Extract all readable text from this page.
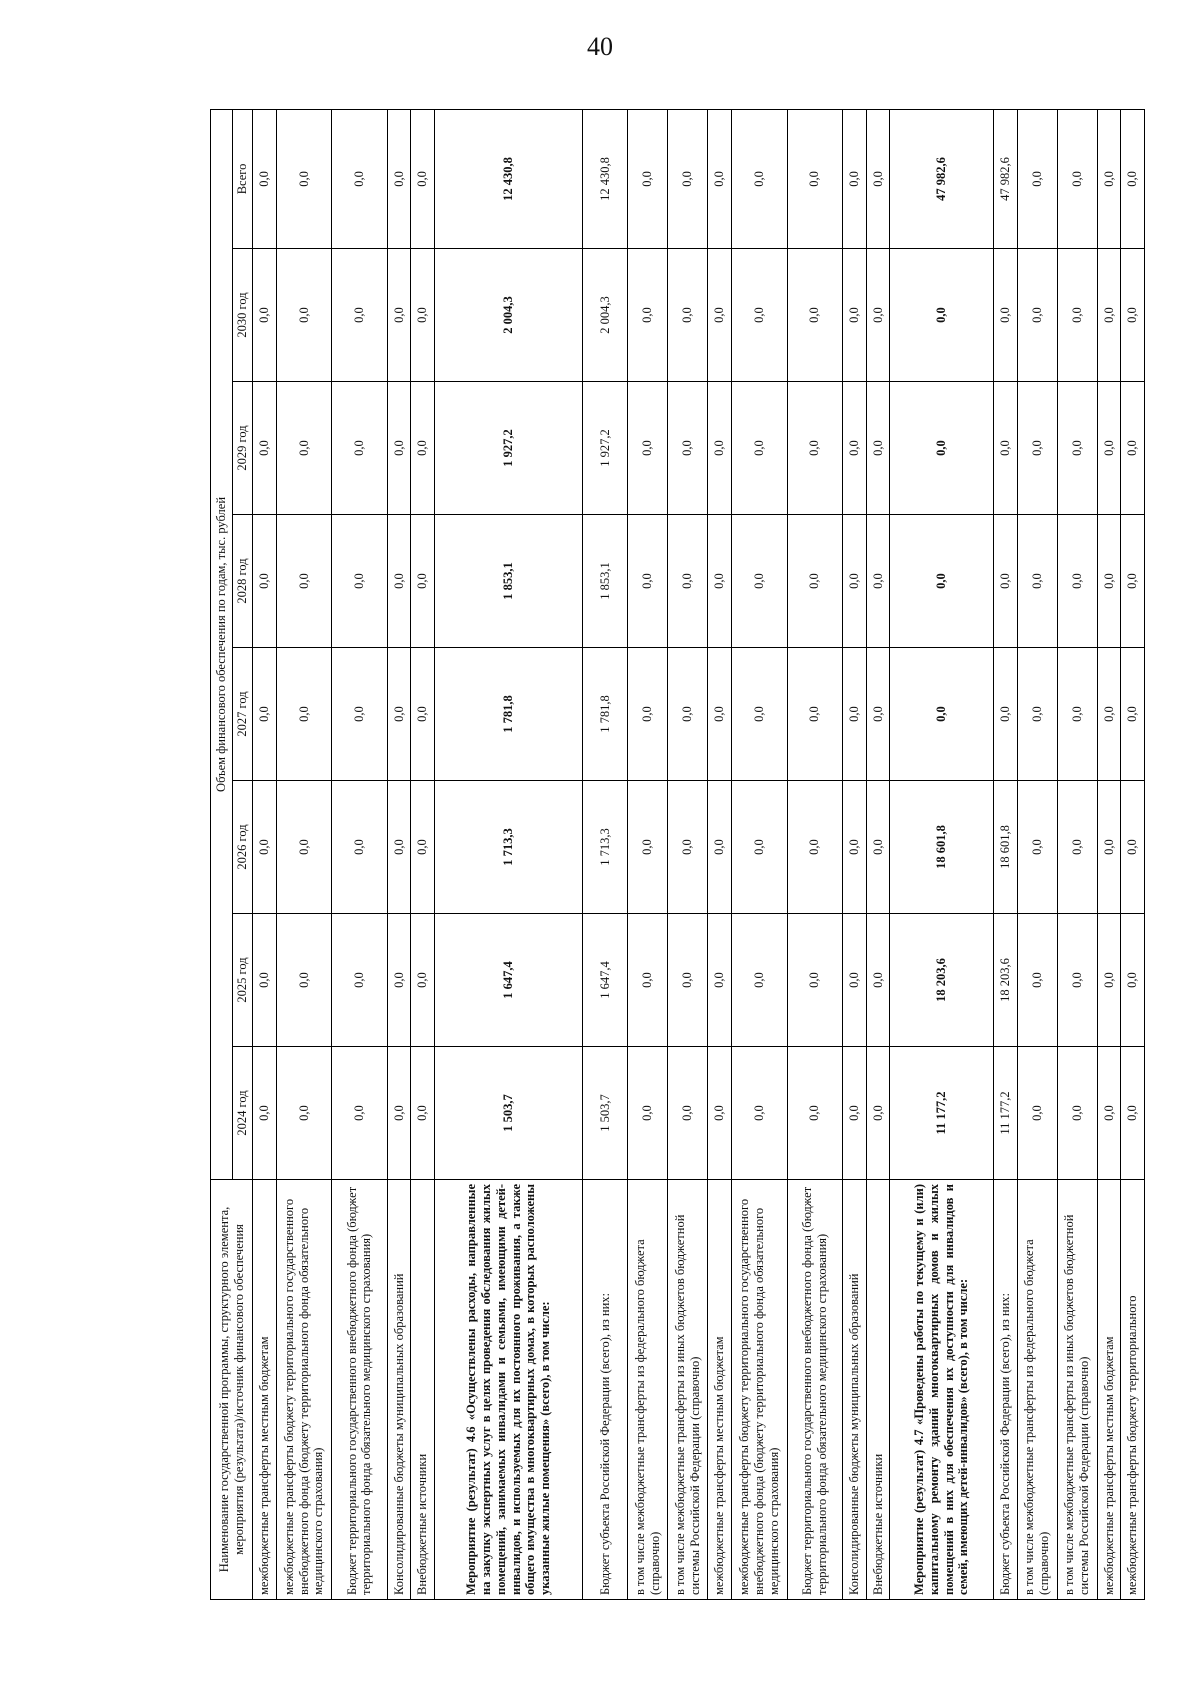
40
Наименование государственной программы, структурного элемента, мероприятия (результата)/источник финансового обеспечения	Объем финансового обеспечения по годам, тыс. рублей							
	2024 год	2025 год	2026 год	2027 год	2028 год	2029 год	2030 год	Всего
межбюджетные трансферты местным бюджетам	0,0	0,0	0,0	0,0	0,0	0,0	0,0	0,0
межбюджетные трансферты бюджету территориального государственного внебюджетного фонда (бюджету территориального фонда обязательного медицинского страхования)	0,0	0,0	0,0	0,0	0,0	0,0	0,0	0,0
Бюджет территориального государственного внебюджетного фонда (бюджет территориального фонда обязательного медицинского страхования)	0,0	0,0	0,0	0,0	0,0	0,0	0,0	0,0
Консолидированные бюджеты муниципальных образований	0,0	0,0	0,0	0,0	0,0	0,0	0,0	0,0
Внебюджетные источники	0,0	0,0	0,0	0,0	0,0	0,0	0,0	0,0
Мероприятие (результат) 4.6 «Осуществлены расходы, направленные на закупку экспертных услуг в целях проведения обследования жилых помещений, занимаемых инвалидами и семьями, имеющими детей-инвалидов, и используемых для их постоянного проживания, а также общего имущества в многоквартирных домах, в которых расположены указанные жилые помещения» (всего), в том числе:	1 503,7	1 647,4	1 713,3	1 781,8	1 853,1	1 927,2	2 004,3	12 430,8
Бюджет субъекта Российской Федерации (всего), из них:	1 503,7	1 647,4	1 713,3	1 781,8	1 853,1	1 927,2	2 004,3	12 430,8
в том числе межбюджетные трансферты из федерального бюджета (справочно)	0,0	0,0	0,0	0,0	0,0	0,0	0,0	0,0
в том числе межбюджетные трансферты из иных бюджетов бюджетной системы Российской Федерации (справочно)	0,0	0,0	0,0	0,0	0,0	0,0	0,0	0,0
межбюджетные трансферты местным бюджетам	0,0	0,0	0,0	0,0	0,0	0,0	0,0	0,0
межбюджетные трансферты бюджету территориального государственного внебюджетного фонда (бюджету территориального фонда обязательного медицинского страхования)	0,0	0,0	0,0	0,0	0,0	0,0	0,0	0,0
Бюджет территориального государственного внебюджетного фонда (бюджет территориального фонда обязательного медицинского страхования)	0,0	0,0	0,0	0,0	0,0	0,0	0,0	0,0
Консолидированные бюджеты муниципальных образований	0,0	0,0	0,0	0,0	0,0	0,0	0,0	0,0
Внебюджетные источники	0,0	0,0	0,0	0,0	0,0	0,0	0,0	0,0
Мероприятие (результат) 4.7 «Проведены работы по текущему и (или) капитальному ремонту зданий многоквартирных домов и жилых помещений в них для обеспечения их доступности для инвалидов и семей, имеющих детей-инвалидов» (всего), в том числе:	11 177,2	18 203,6	18 601,8	0,0	0,0	0,0	0,0	47 982,6
Бюджет субъекта Российской Федерации (всего), из них:	11 177,2	18 203,6	18 601,8	0,0	0,0	0,0	0,0	47 982,6
в том числе межбюджетные трансферты из федерального бюджета (справочно)	0,0	0,0	0,0	0,0	0,0	0,0	0,0	0,0
в том числе межбюджетные трансферты из иных бюджетов бюджетной системы Российской Федерации (справочно)	0,0	0,0	0,0	0,0	0,0	0,0	0,0	0,0
межбюджетные трансферты местным бюджетам	0,0	0,0	0,0	0,0	0,0	0,0	0,0	0,0
межбюджетные трансферты бюджету территориального	0,0	0,0	0,0	0,0	0,0	0,0	0,0	0,0
